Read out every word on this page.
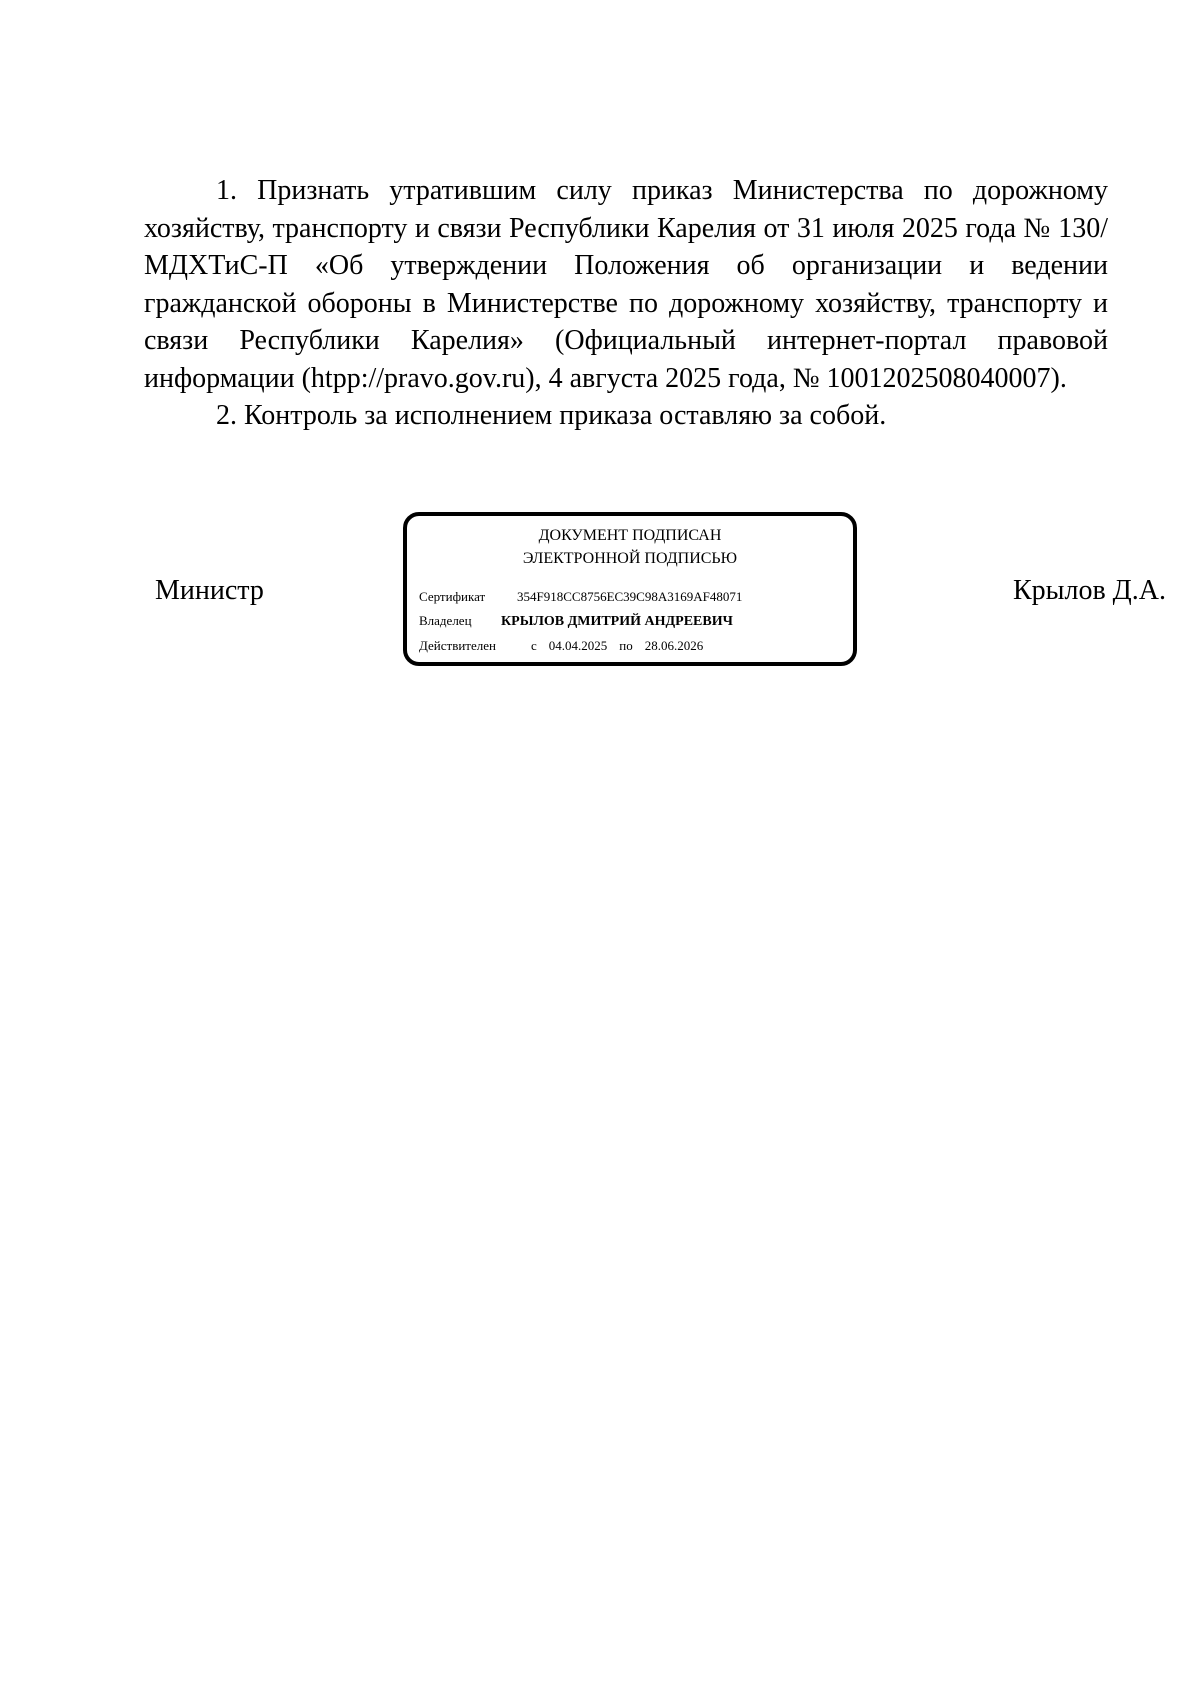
1. Признать утратившим силу приказ Министерства по дорожному хозяйству, транспорту и связи Республики Карелия от 31 июля 2025 года № 130/МДХТиС-П «Об утверждении Положения об организации и ведении гражданской обороны в Министерстве по дорожному хозяйству, транспорту и связи Республики Карелия» (Официальный интернет-портал правовой информации (htpp://pravo.gov.ru), 4 августа 2025 года, № 1001202508040007).

2. Контроль за исполнением приказа оставляю за собой.

Министр
ДОКУМЕНТ ПОДПИСАН
ЭЛЕКТРОННОЙ ПОДПИСЬЮ
Сертификат 354F918CC8756EC39C98A3169AF48071
Владелец КРЫЛОВ ДМИТРИЙ АНДРЕЕВИЧ
Действителен	с 04.04.2025 по 28.06.2026
Крылов Д.А.
